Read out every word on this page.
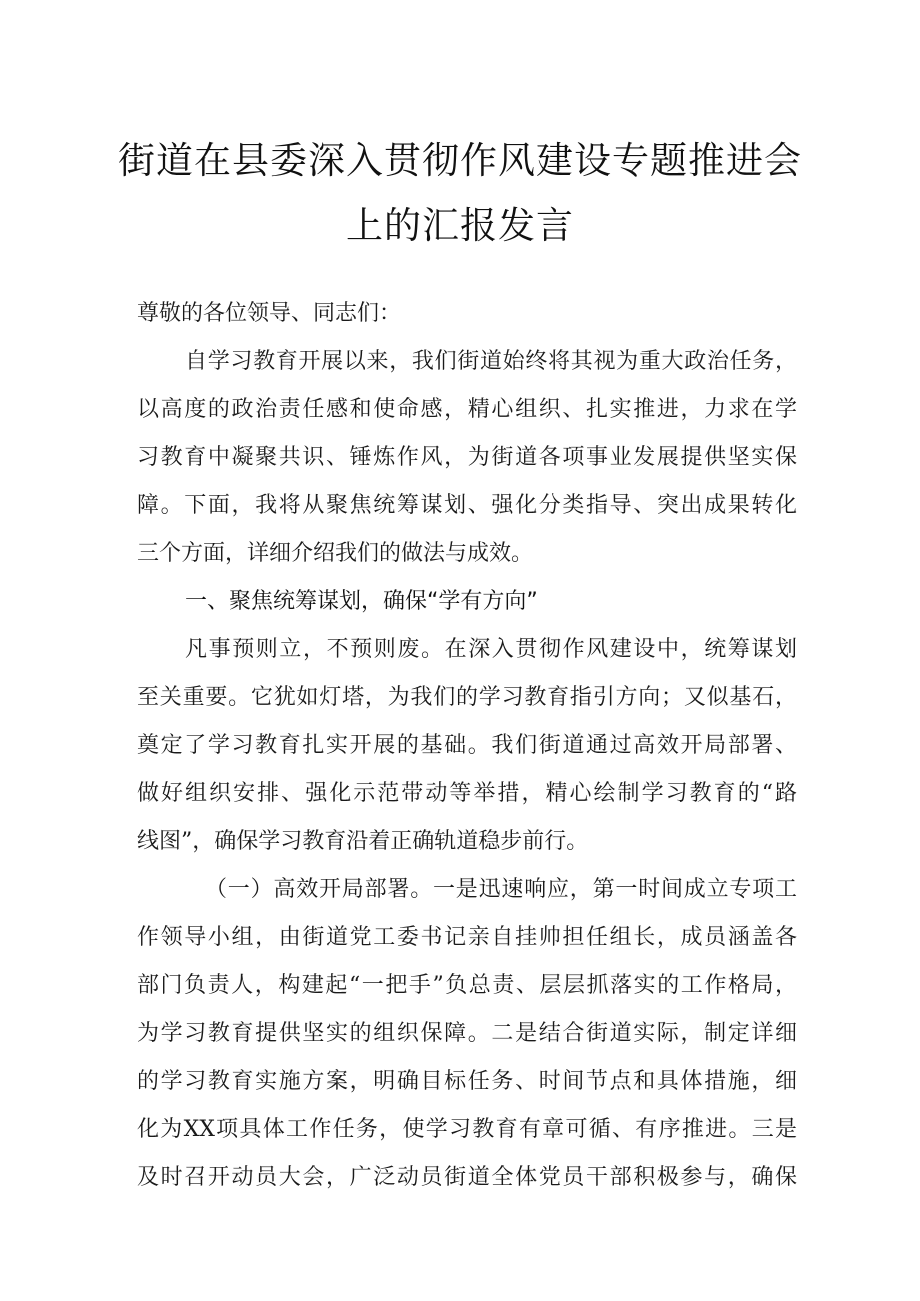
街道在县委深入贯彻作风建设专题推进会
上的汇报发言
尊敬的各位领导、同志们：
自学习教育开展以来，我们街道始终将其视为重大政治任务，
以高度的政治责任感和使命感，精心组织、扎实推进，力求在学
习教育中凝聚共识、锤炼作风，为街道各项事业发展提供坚实保
障。下面，我将从聚焦统筹谋划、强化分类指导、突出成果转化
三个方面，详细介绍我们的做法与成效。
一、聚焦统筹谋划，确保“学有方向”
凡事预则立，不预则废。在深入贯彻作风建设中，统筹谋划
至关重要。它犹如灯塔，为我们的学习教育指引方向；又似基石，
奠定了学习教育扎实开展的基础。我们街道通过高效开局部署、
做好组织安排、强化示范带动等举措，精心绘制学习教育的“路
线图”，确保学习教育沿着正确轨道稳步前行。
（一）高效开局部署。一是迅速响应，第一时间成立专项工
作领导小组，由街道党工委书记亲自挂帅担任组长，成员涵盖各
部门负责人，构建起“一把手”负总责、层层抓落实的工作格局，
为学习教育提供坚实的组织保障。二是结合街道实际，制定详细
的学习教育实施方案，明确目标任务、时间节点和具体措施，细
化为XX项具体工作任务，使学习教育有章可循、有序推进。三是
及时召开动员大会，广泛动员街道全体党员干部积极参与，确保
